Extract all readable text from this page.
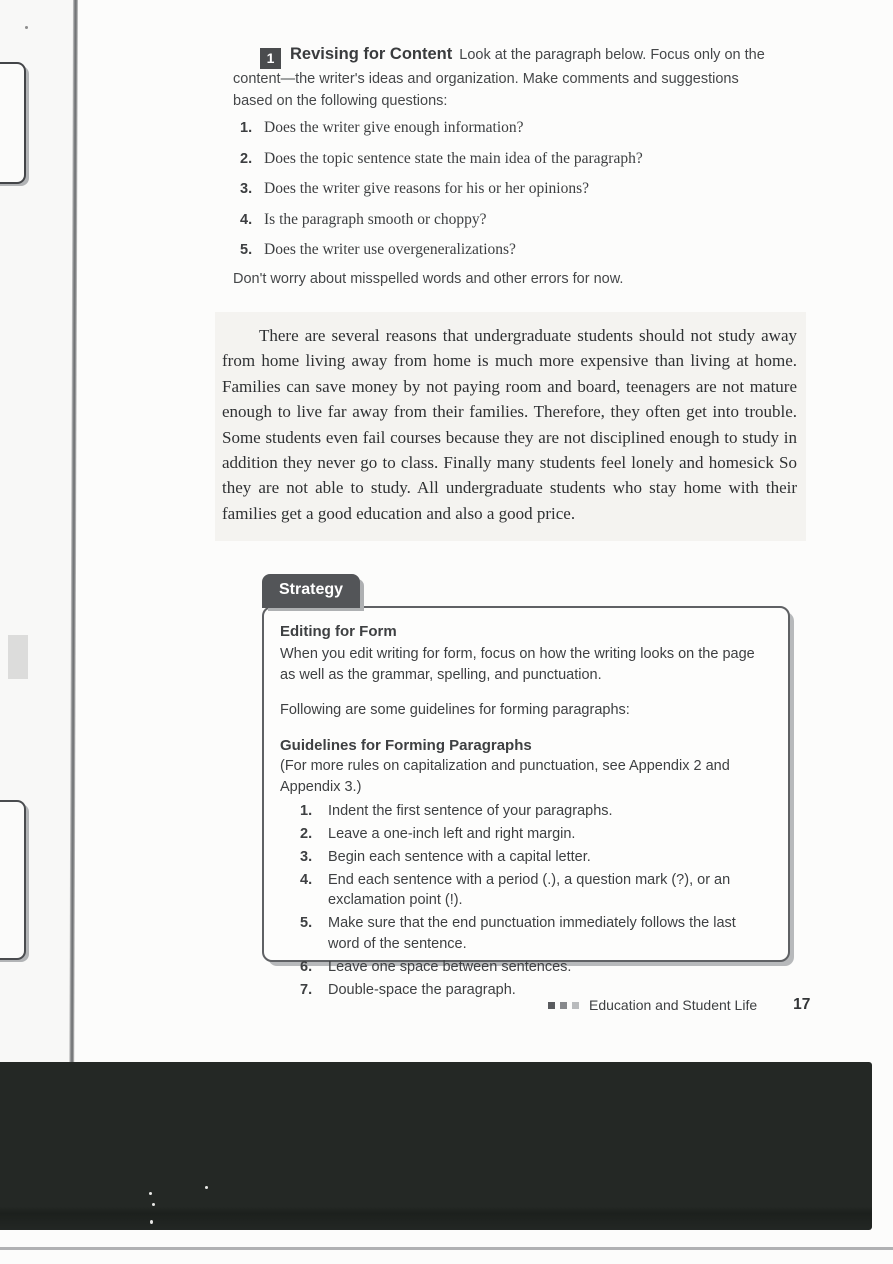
1 Revising for Content Look at the paragraph below. Focus only on the content—the writer's ideas and organization. Make comments and suggestions based on the following questions:

1. Does the writer give enough information?
2. Does the topic sentence state the main idea of the paragraph?
3. Does the writer give reasons for his or her opinions?
4. Is the paragraph smooth or choppy?
5. Does the writer use overgeneralizations?

Don't worry about misspelled words and other errors for now.

There are several reasons that undergraduate students should not study away from home living away from home is much more expensive than living at home. Families can save money by not paying room and board, teenagers are not mature enough to live far away from their families. Therefore, they often get into trouble. Some students even fail courses because they are not disciplined enough to study in addition they never go to class. Finally many students feel lonely and homesick So they are not able to study. All undergraduate students who stay home with their families get a good education and also a good price.
Strategy
Editing for Form
When you edit writing for form, focus on how the writing looks on the page as well as the grammar, spelling, and punctuation.
Following are some guidelines for forming paragraphs:
Guidelines for Forming Paragraphs
(For more rules on capitalization and punctuation, see Appendix 2 and Appendix 3.)
1.	Indent the first sentence of your paragraphs.
2.	Leave a one-inch left and right margin.
3.	Begin each sentence with a capital letter.
4.	End each sentence with a period (.), a question mark (?), or an exclamation point (!).
5.	Make sure that the end punctuation immediately follows the last word of the sentence.
6.	Leave one space between sentences.
7.	Double-space the paragraph.
Education and Student Life 17
